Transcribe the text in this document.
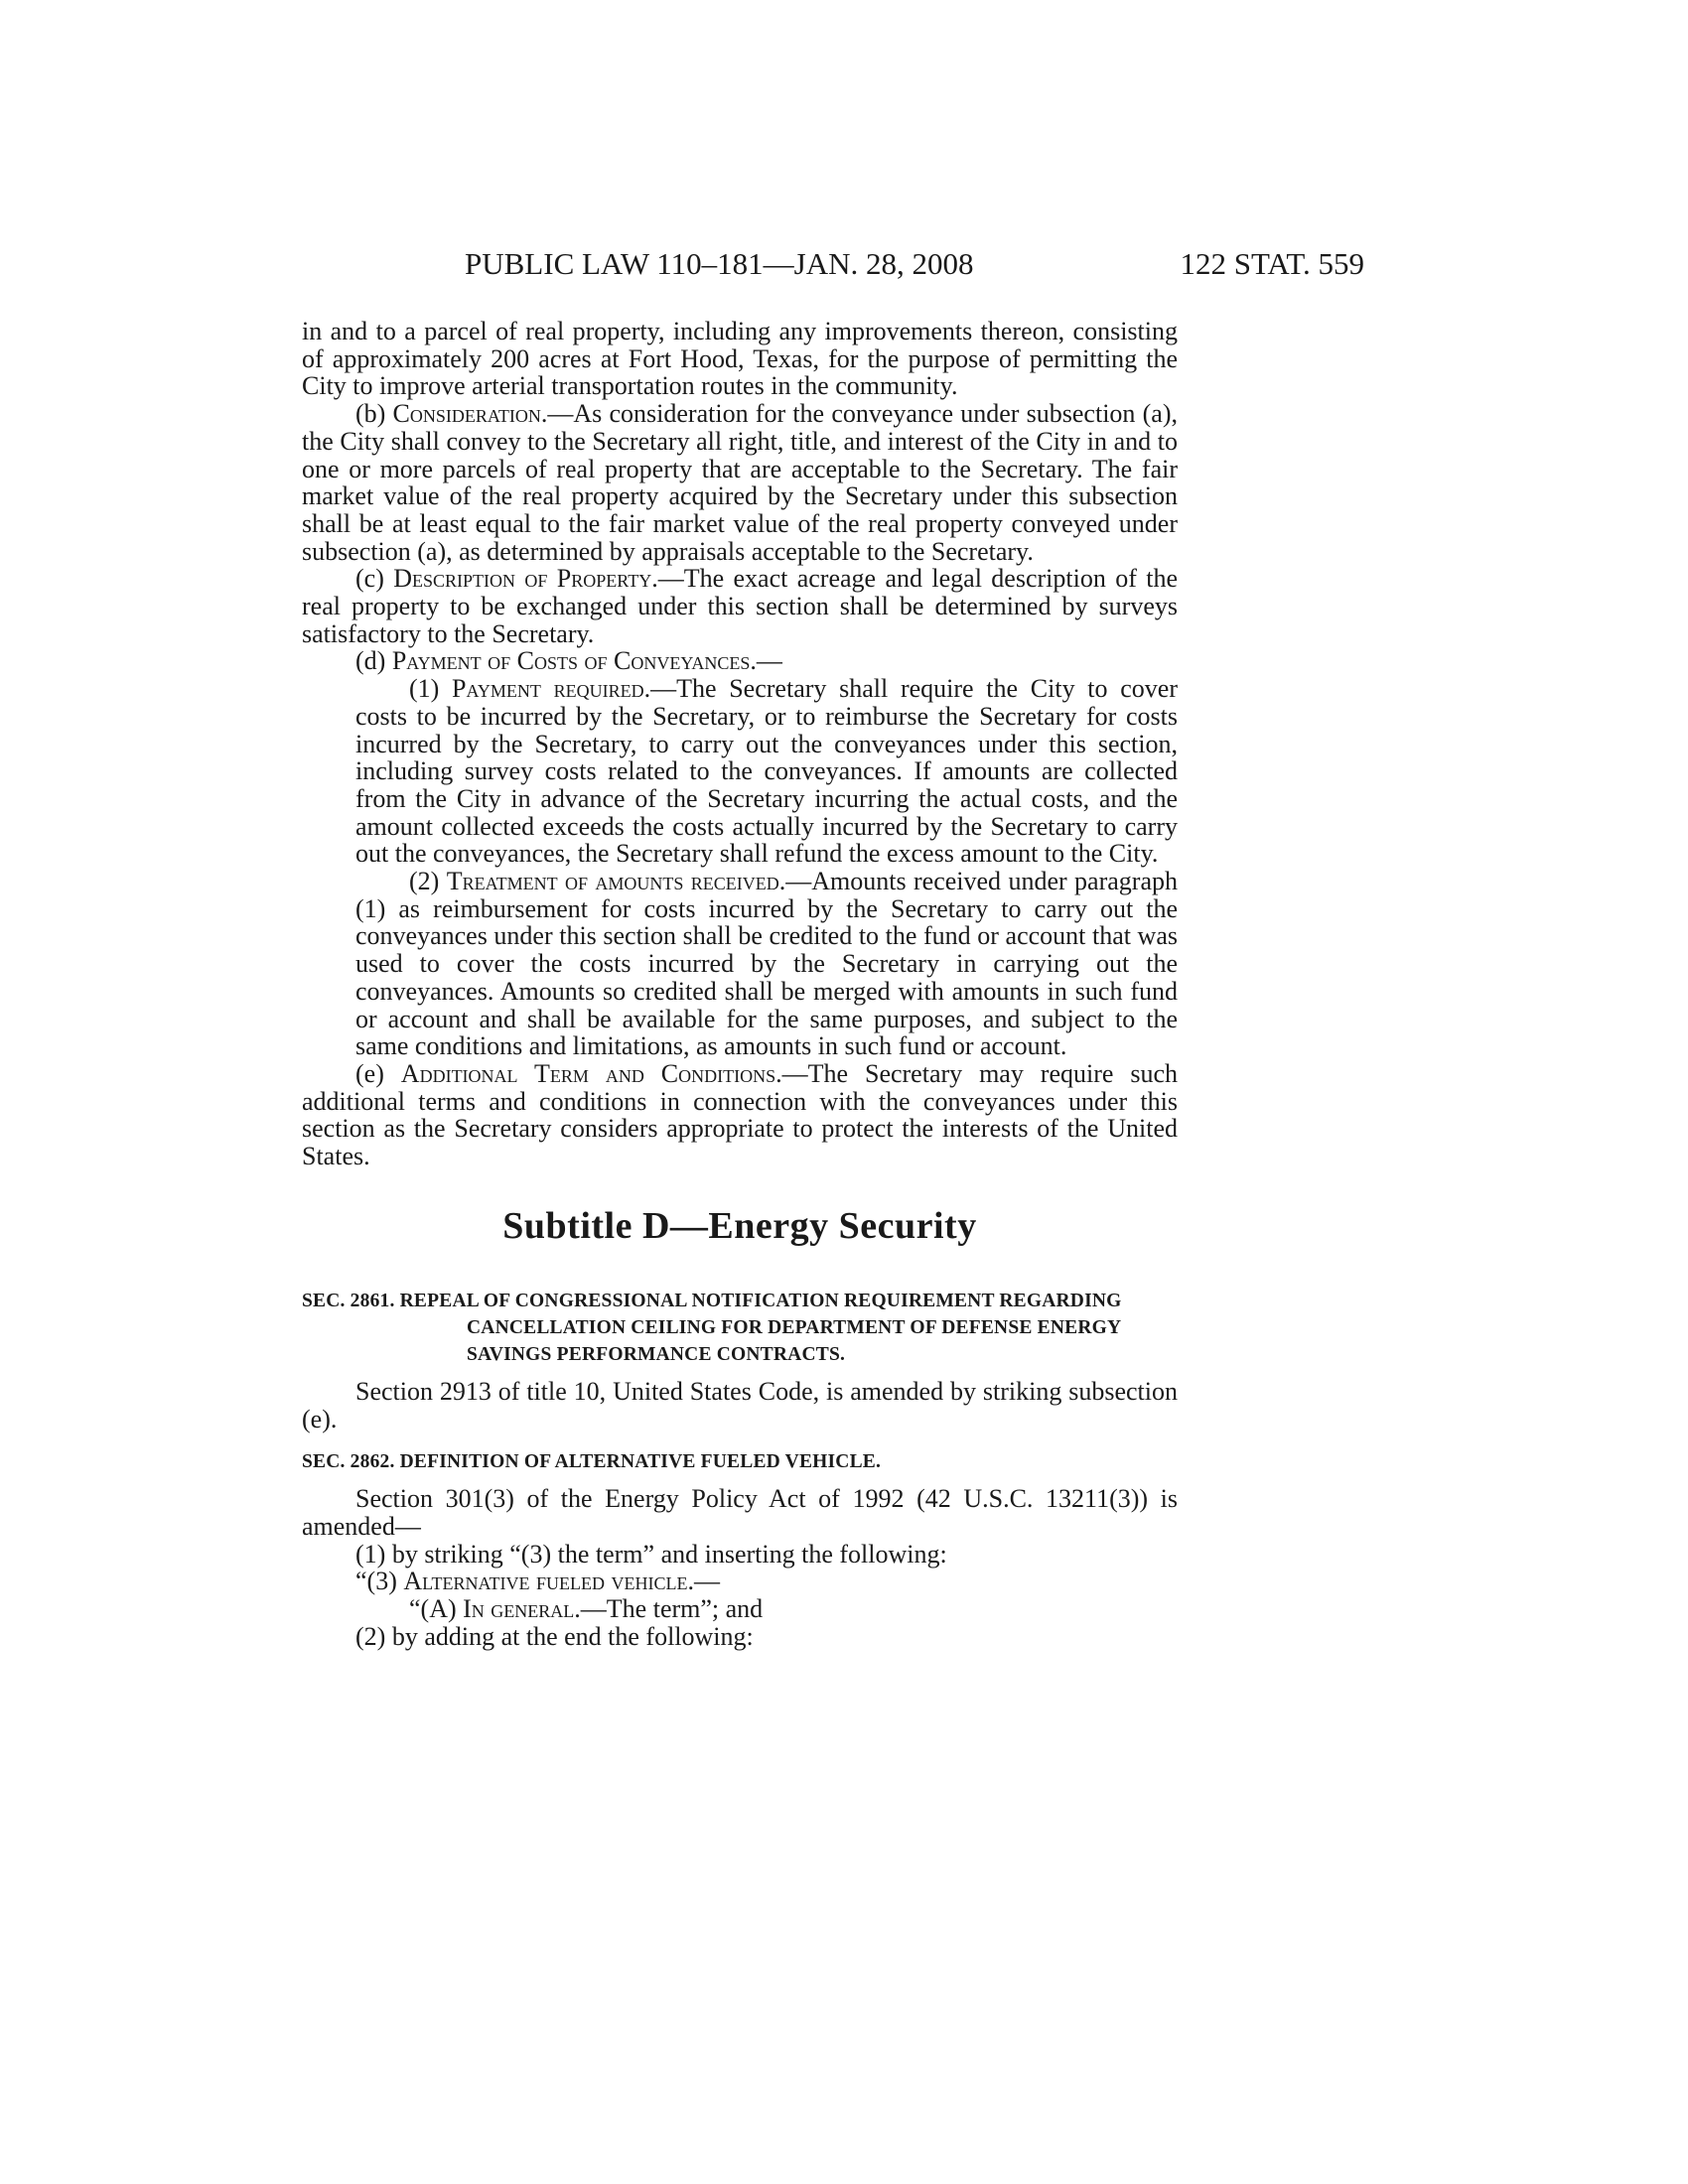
PUBLIC LAW 110–181—JAN. 28, 2008	122 STAT. 559

in and to a parcel of real property, including any improvements thereon, consisting of approximately 200 acres at Fort Hood, Texas, for the purpose of permitting the City to improve arterial transportation routes in the community.

(b) Consideration.—As consideration for the conveyance under subsection (a), the City shall convey to the Secretary all right, title, and interest of the City in and to one or more parcels of real property that are acceptable to the Secretary. The fair market value of the real property acquired by the Secretary under this subsection shall be at least equal to the fair market value of the real property conveyed under subsection (a), as determined by appraisals acceptable to the Secretary.

(c) Description of Property.—The exact acreage and legal description of the real property to be exchanged under this section shall be determined by surveys satisfactory to the Secretary.

(d) Payment of Costs of Conveyances.—

(1) Payment required.—The Secretary shall require the City to cover costs to be incurred by the Secretary, or to reimburse the Secretary for costs incurred by the Secretary, to carry out the conveyances under this section, including survey costs related to the conveyances. If amounts are collected from the City in advance of the Secretary incurring the actual costs, and the amount collected exceeds the costs actually incurred by the Secretary to carry out the conveyances, the Secretary shall refund the excess amount to the City.

(2) Treatment of amounts received.—Amounts received under paragraph (1) as reimbursement for costs incurred by the Secretary to carry out the conveyances under this section shall be credited to the fund or account that was used to cover the costs incurred by the Secretary in carrying out the conveyances. Amounts so credited shall be merged with amounts in such fund or account and shall be available for the same purposes, and subject to the same conditions and limitations, as amounts in such fund or account.

(e) Additional Term and Conditions.—The Secretary may require such additional terms and conditions in connection with the conveyances under this section as the Secretary considers appropriate to protect the interests of the United States.

Subtitle D—Energy Security
SEC. 2861. REPEAL OF CONGRESSIONAL NOTIFICATION REQUIREMENT REGARDING CANCELLATION CEILING FOR DEPARTMENT OF DEFENSE ENERGY SAVINGS PERFORMANCE CONTRACTS.

Section 2913 of title 10, United States Code, is amended by striking subsection (e).

SEC. 2862. DEFINITION OF ALTERNATIVE FUELED VEHICLE.

Section 301(3) of the Energy Policy Act of 1992 (42 U.S.C. 13211(3)) is amended—

(1) by striking “(3) the term” and inserting the following:

“(3) Alternative fueled vehicle.—

“(A) In general.—The term”; and

(2) by adding at the end the following:
